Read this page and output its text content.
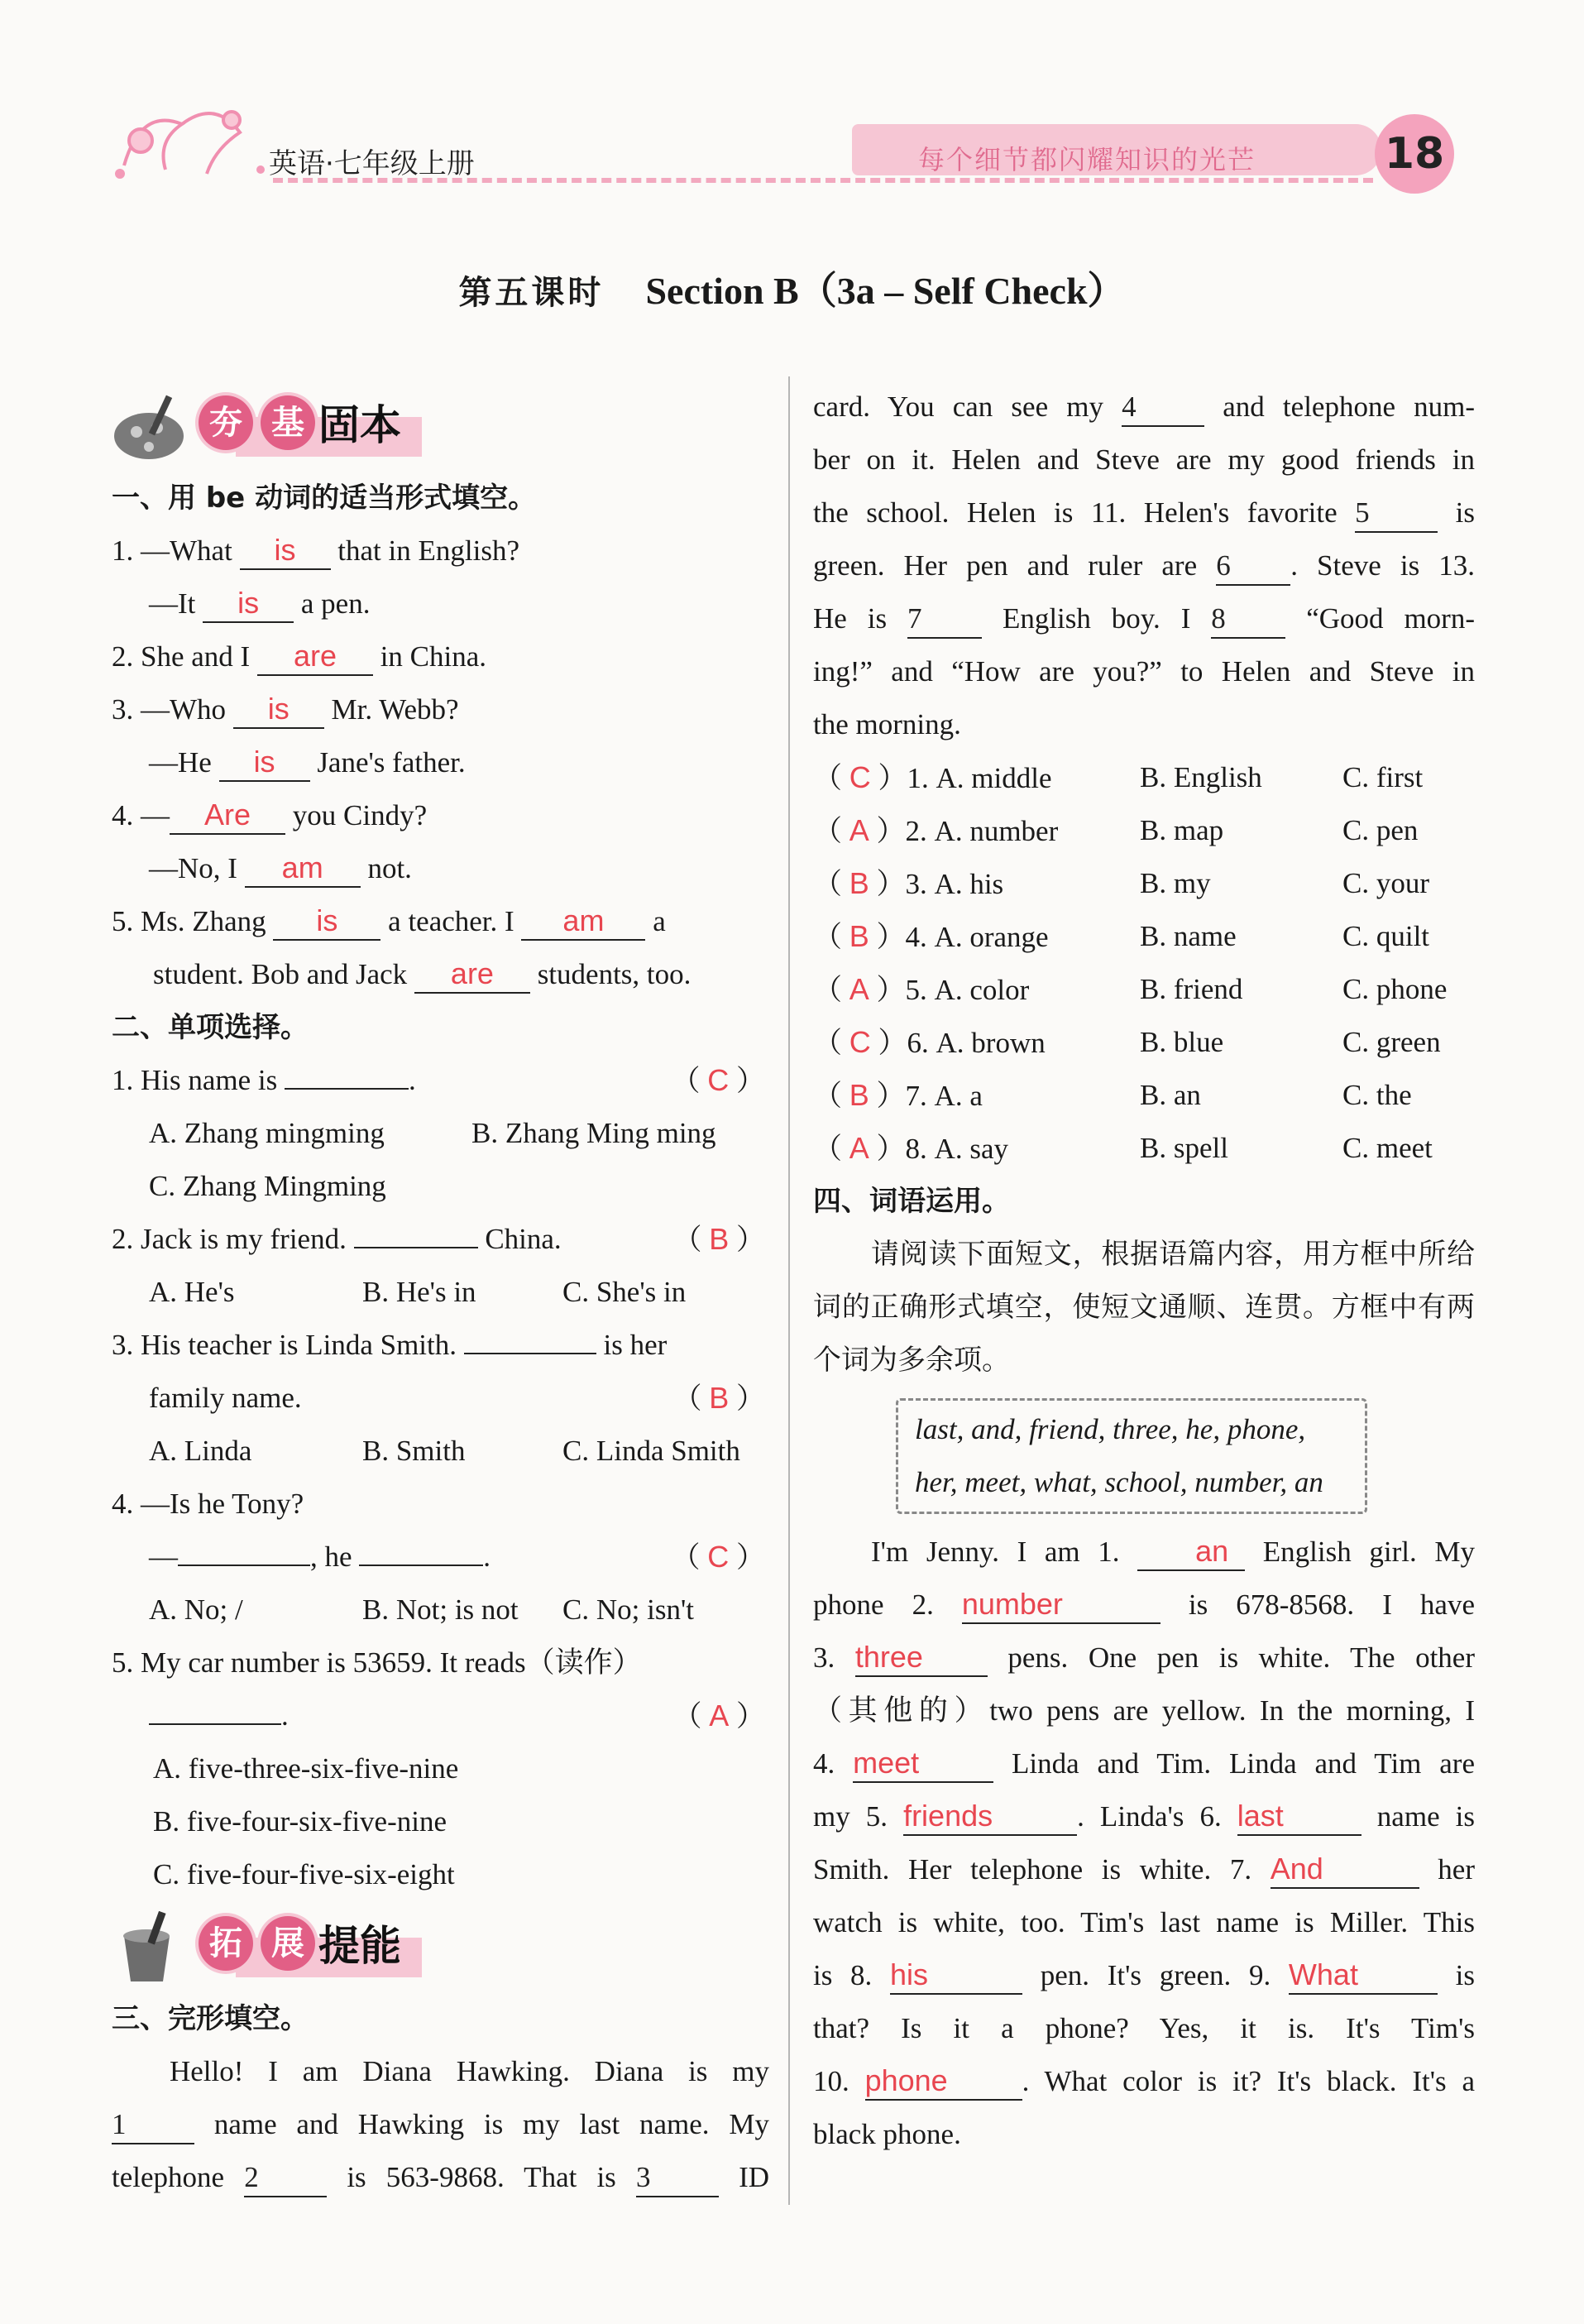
英语·七年级上册	每个细节都闪耀知识的光芒	18
第五课时 Section B（3a – Self Check）
夯 基 固本
一、用 be 动词的适当形式填空。
1. —What is that in English?
—It is a pen.
2. She and I are in China.
3. —Who is Mr. Webb?
—He is Jane's father.
4. — Are you Cindy?
—No, I am not.
5. Ms. Zhang is a teacher. I am a
student. Bob and Jack are students, too.
二、单项选择。
1. His name is	.	（ C ）
A. Zhang mingming	B. Zhang Ming ming
C. Zhang Mingming
2. Jack is my friend.	China.	（ B ）
A. He's	B. He's in	C. She's in
3. His teacher is Linda Smith.	is her
family name.	（ B ）
A. Linda	B. Smith	C. Linda Smith
4. —Is he Tony?
—	, he	.	（ C ）
A. No; /	B. Not; is not C. No; isn't
5. My car number is 53659. It reads（读作）
.	（ A ）
A. five-three-six-five-nine
B. five-four-six-five-nine
C. five-four-five-six-eight
拓 展 提能
三、完形填空。
Hello! I am Diana Hawking. Diana is my
1 name and Hawking is my last name. My
telephone 2 is 563-9868. That is 3 ID
card. You can see my 4 and telephone num-
ber on it. Helen and Steve are my good friends in
the school. Helen is 11. Helen's favorite 5 is
green. Her pen and ruler are 6 . Steve is 13.
He is 7 English boy. I 8 “Good morn-
ing!” and “How are you?” to Helen and Steve in
the morning.
（ C ）1. A. middle	B. English	C. first
（ A ）2. A. number	B. map	C. pen
（ B ）3. A. his	B. my	C. your
（ B ）4. A. orange	B. name	C. quilt
（ A ）5. A. color	B. friend	C. phone
（ C ）6. A. brown	B. blue	C. green
（ B ）7. A. a	B. an	C. the
（ A ）8. A. say	B. spell	C. meet
四、词语运用。
请阅读下面短文，根据语篇内容，用方框中所给词的正确形式填空，使短文通顺、连贯。方框中有两个词为多余项。
last, and, friend, three, he, phone,
her, meet, what, school, number, an
I'm Jenny. I am 1. an English girl. My
phone 2. number	is 678-8568. I have
3. three pens. One pen is white. The other
（其他的）two pens are yellow. In the morning, I
4. meet	Linda and Tim. Linda and Tim are
my 5. friends	. Linda's 6. last	name is
Smith. Her telephone is white. 7. And	her
watch is white, too. Tim's last name is Miller. This
is 8. his	pen. It's green. 9. What	is
that? Is it a phone? Yes, it is. It's Tim's
10. phone	. What color is it? It's black. It's a
black phone.
